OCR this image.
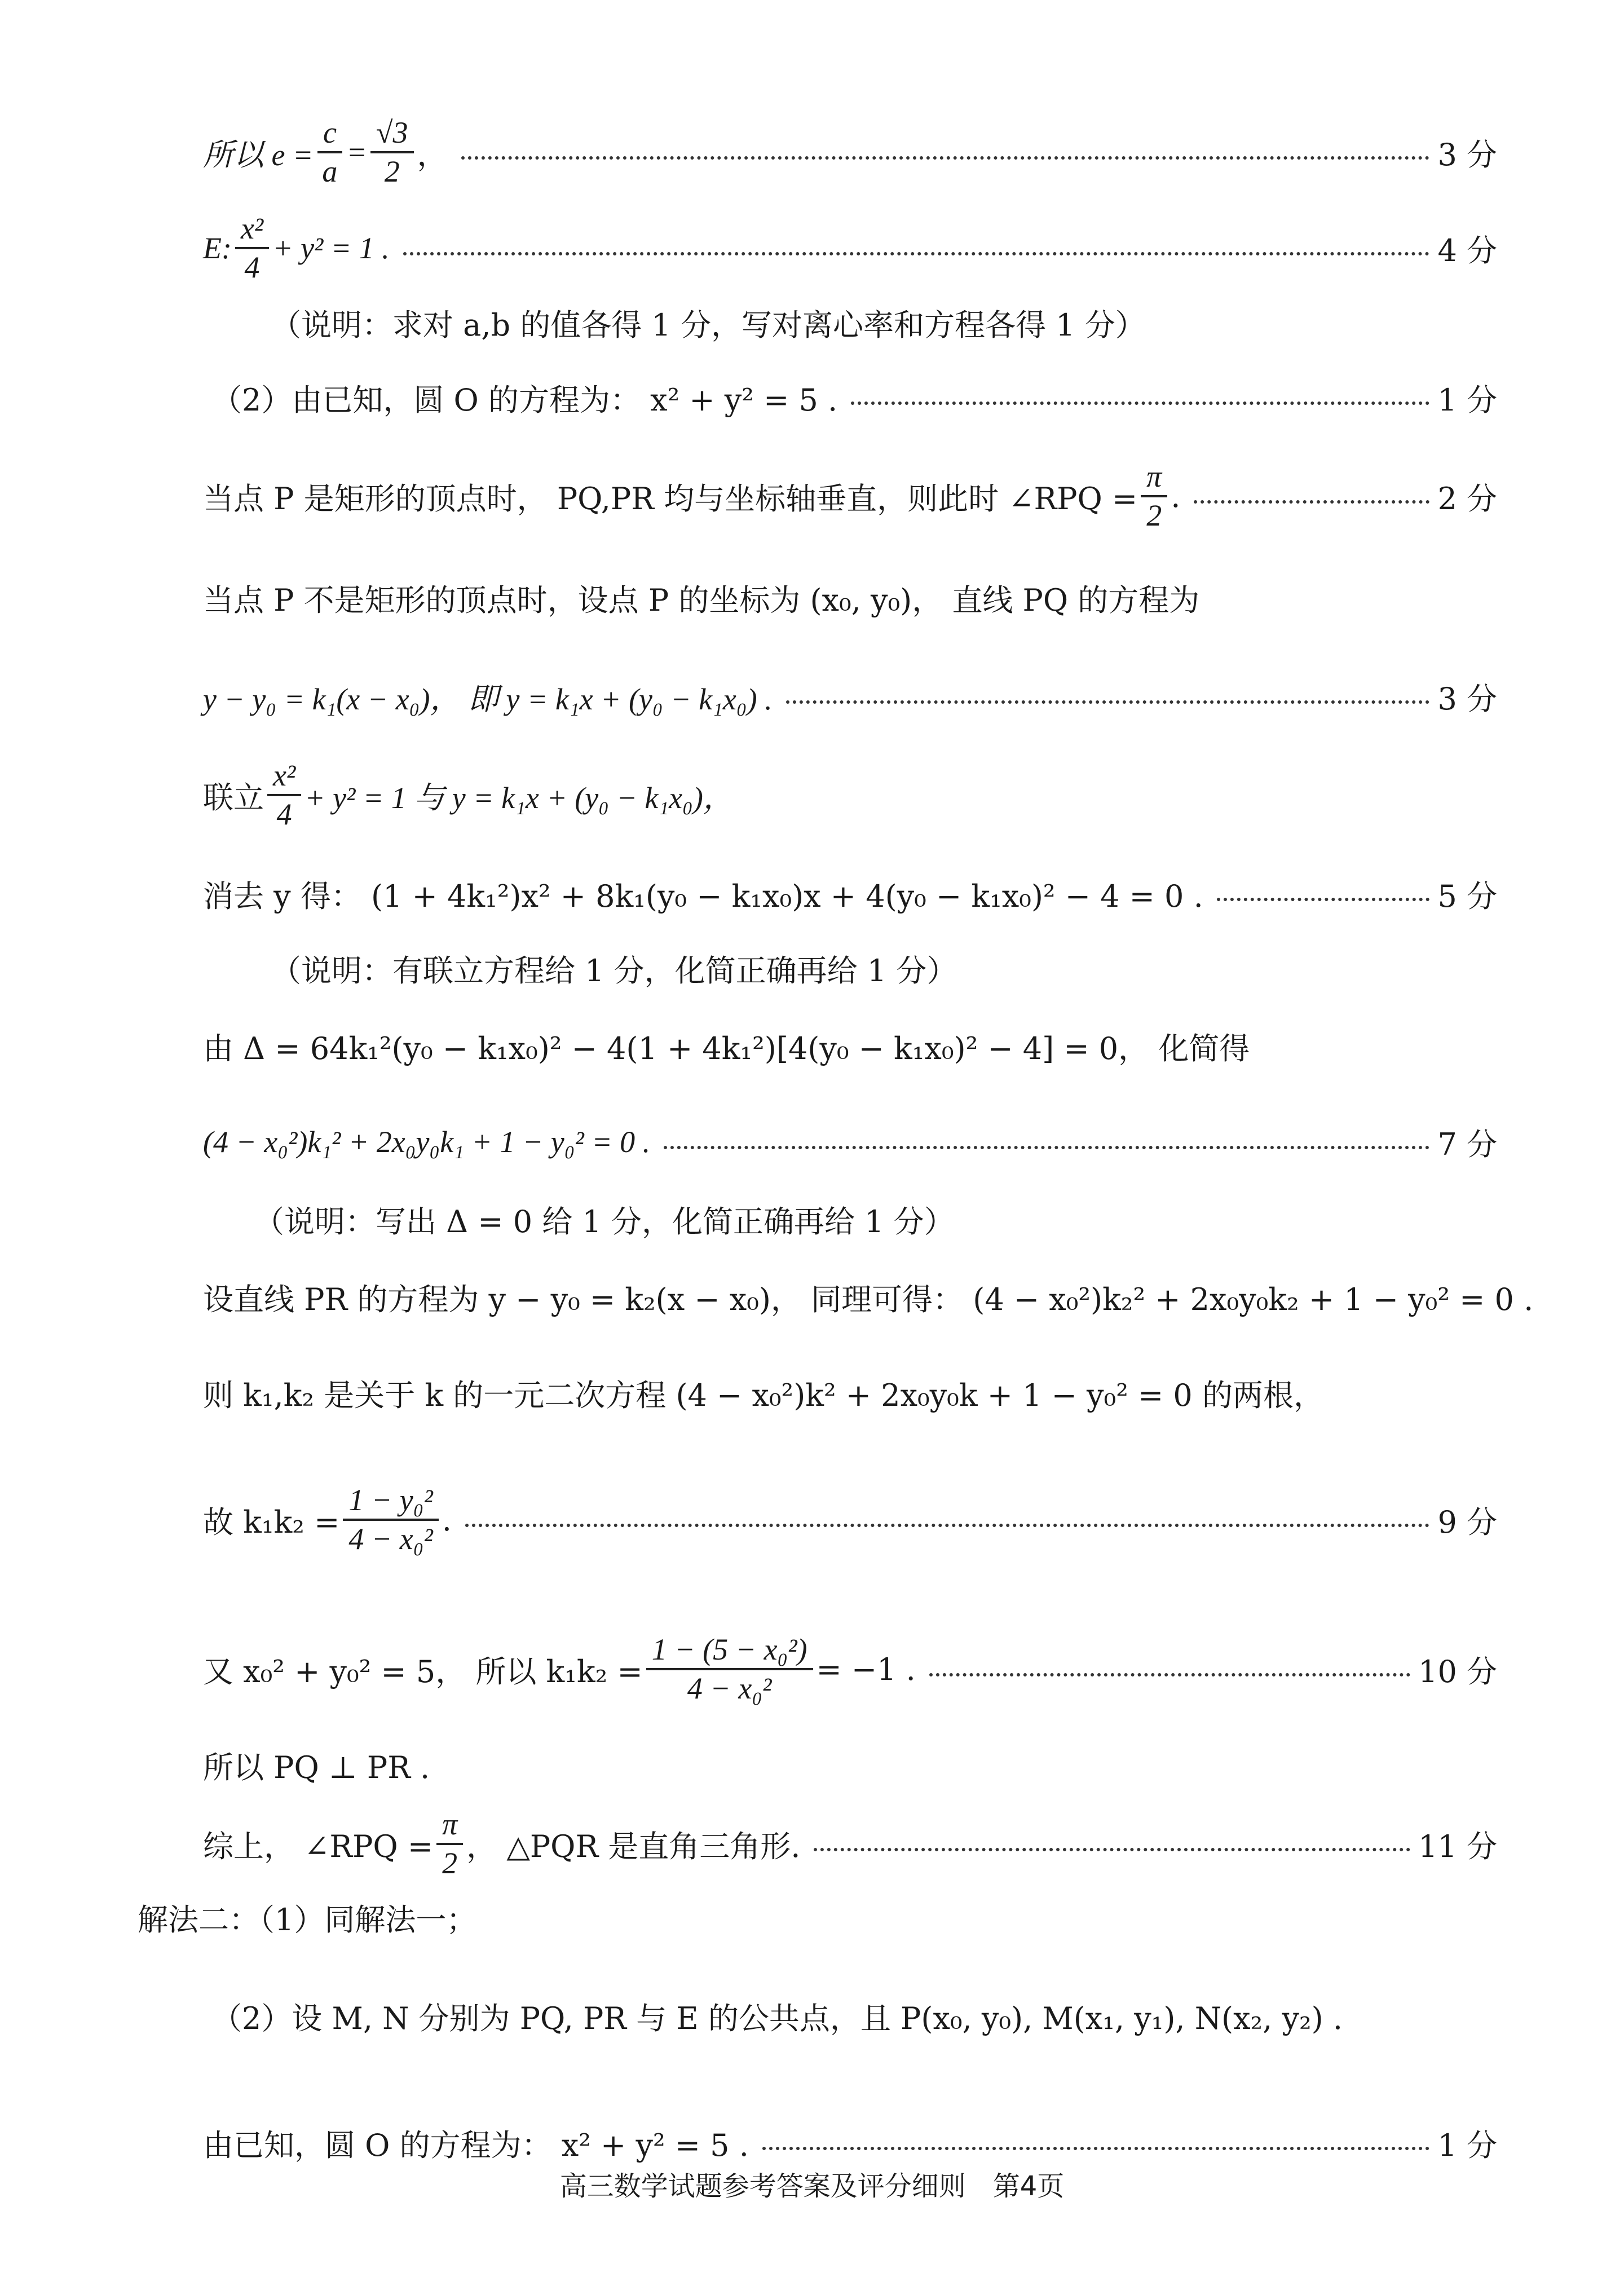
所以 $e = \frac{c}{a} = \frac{√3}{2}$ ，	3 分
E: $\frac{\text{x²}}{4} + y^2 = 1$ .	4 分
（说明：求对 a,b 的值各得 1 分，写对离心率和方程各得 1 分）
（2）由已知，圆 O 的方程为： x² + y² = 5 .	1 分
当点 P 是矩形的顶点时， PQ,PR 均与坐标轴垂直，则此时 ∠RPQ = $\frac{\pi}{2}$ .	2 分
当点 P 不是矩形的顶点时，设点 P 的坐标为 (x₀, y₀)， 直线 PQ 的方程为
y − y₀ = k₁(x − x₀)， 即 y = k₁x + (y₀ − k₁x₀) .	3 分
联立 $\frac{\text{x²}}{4} + y^2 = 1$ 与 y = k₁x + (y₀ − k₁x₀)，
消去 y 得： (1 + 4k₁²)x² + 8k₁(y₀ − k₁x₀)x + 4(y₀ − k₁x₀)² − 4 = 0 .	5 分
（说明：有联立方程给 1 分，化简正确再给 1 分）
由 Δ = 64k₁²(y₀ − k₁x₀)² − 4(1 + 4k₁²)[4(y₀ − k₁x₀)² − 4] = 0， 化简得
(4 − x₀²)k₁² + 2x₀y₀k₁ + 1 − y₀² = 0 .	7 分
（说明：写出 Δ = 0 给 1 分，化简正确再给 1 分）
设直线 PR 的方程为 y − y₀ = k₂(x − x₀)， 同理可得： (4 − x₀²)k₂² + 2x₀y₀k₂ + 1 − y₀² = 0 .
则 k₁,k₂ 是关于 k 的一元二次方程 (4 − x₀²)k² + 2x₀y₀k + 1 − y₀² = 0 的两根，
故 $k_1k_2 = \frac{\text{1 − y₀²}}{\text{4 − x₀²}}$ .	9 分
又 x₀² + y₀² = 5， 所以 $k_1k_2 = \frac{\text{1 − (5 − x₀²)}}{\text{4 − x₀²}} = -1$ .	10 分
所以 PQ ⊥ PR .
综上， ∠RPQ = $\frac{\pi}{2}$ ， △PQR 是直角三角形.	11 分
解法二：（1）同解法一；
（2）设 M, N 分别为 PQ, PR 与 E 的公共点，且 P(x₀, y₀), M(x₁, y₁), N(x₂, y₂) .
由已知，圆 O 的方程为： x² + y² = 5 .	1 分
高三数学试题参考答案及评分细则　第4页
